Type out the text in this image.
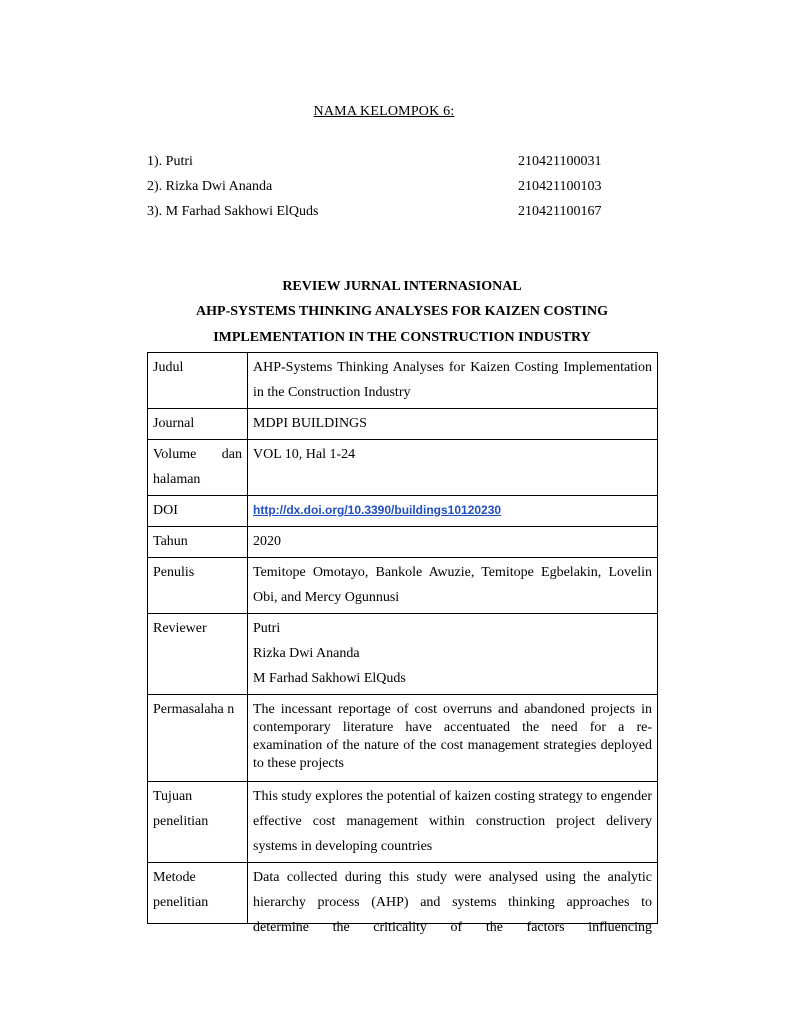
NAMA KELOMPOK 6:
1). Putri	210421100031
2). Rizka Dwi Ananda	210421100103
3). M Farhad Sakhowi ElQuds	210421100167
REVIEW JURNAL INTERNASIONAL
AHP-SYSTEMS THINKING ANALYSES FOR KAIZEN COSTING
IMPLEMENTATION IN THE CONSTRUCTION INDUSTRY
Judul	AHP-Systems Thinking Analyses for Kaizen Costing Implementation in the Construction Industry
Journal	MDPI BUILDINGS
Volume dan halaman	VOL 10, Hal 1-24
DOI	http://dx.doi.org/10.3390/buildings10120230
Tahun	2020
Penulis	Temitope Omotayo, Bankole Awuzie, Temitope Egbelakin, Lovelin Obi, and Mercy Ogunnusi
Reviewer	Putri
Rizka Dwi Ananda
M Farhad Sakhowi ElQuds

Permasalaha n	The incessant reportage of cost overruns and abandoned projects in contemporary literature have accentuated the need for a re-examination of the nature of the cost management strategies deployed to these projects
Tujuan penelitian	This study explores the potential of kaizen costing strategy to engender effective cost management within construction project delivery systems in developing countries
Metode penelitian	Data collected during this study were analysed using the analytic hierarchy process (AHP) and systems thinking approaches to determine the criticality of the factors influencing
